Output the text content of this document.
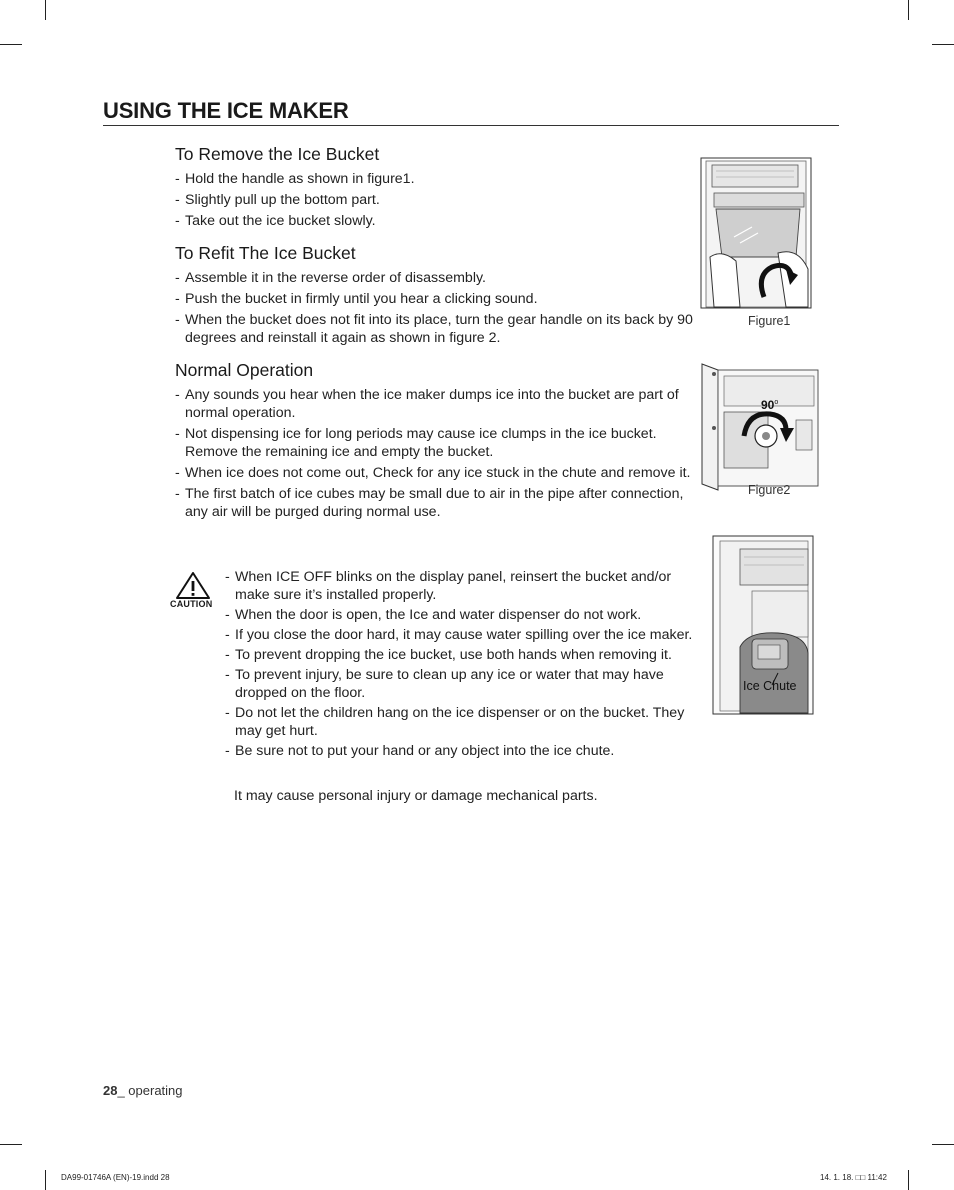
USING THE ICE MAKER
To Remove the Ice Bucket
- Hold the handle as shown in figure1.
- Slightly pull up the bottom part.
- Take out the ice bucket slowly.
To Refit The Ice Bucket
- Assemble it in the reverse order of disassembly.
- Push the bucket in firmly until you hear a clicking sound.
- When the bucket does not fit into its place, turn the gear handle on its back by 90 degrees and reinstall it again as shown in figure 2.
Normal Operation
- Any sounds you hear when the ice maker dumps ice into the bucket are part of normal operation.
- Not dispensing ice for long periods may cause ice clumps in the ice bucket. Remove the remaining ice and empty the bucket.
- When ice does not come out, Check for any ice stuck in the chute and remove it.
- The first batch of ice cubes may be small due to air in the pipe after connection, any air will be purged during normal use.
CAUTION
- When ICE OFF blinks on the display panel, reinsert the bucket and/or make sure it’s installed properly.
- When the door is open, the Ice and water dispenser do not work.
- If you close the door hard, it may cause water spilling over the ice maker.
- To prevent dropping the ice bucket, use both hands when removing it.
- To prevent injury, be sure to clean up any ice or water that may have dropped on the floor.
- Do not let the children hang on the ice dispenser or on the bucket. They may get hurt.
- Be sure not to put your hand or any object into the ice chute.
It may cause personal injury or damage mechanical parts.
Figure1
90$^o$
Figure2
Ice Chute
28_ operating
DA99-01746A (EN)-19.indd 28	14. 1. 18. □□ 11:42
